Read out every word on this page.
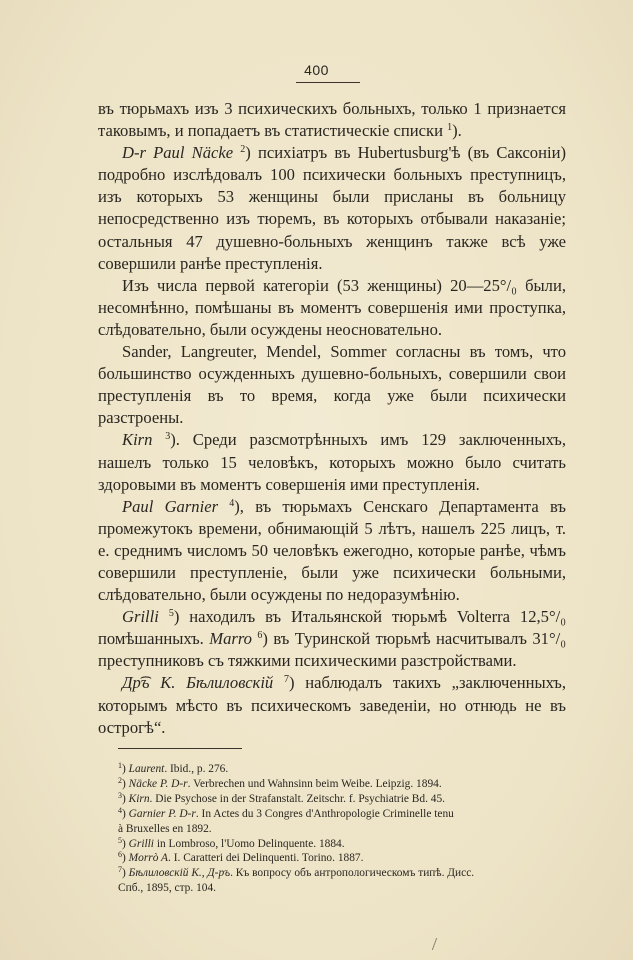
400

въ тюрьмахъ изъ 3 психическихъ больныхъ, только 1 признается таковымъ, и попадаетъ въ статистическіе списки $^1$).

D-r Paul Näcke $^2$) психіатръ въ Hubertusburg'ѣ (въ Саксоніи) подробно изслѣдовалъ 100 психически больныхъ преступницъ, изъ которыхъ 53 женщины были присланы въ больницу непосредственно изъ тюремъ, въ которыхъ отбывали наказаніе; остальныя 47 душевно-больныхъ женщинъ также всѣ уже совершили ранѣе преступленія.

Изъ числа первой категоріи (53 женщины) 20—25°/₀ были, несомнѣнно, помѣшаны въ моментъ совершенія ими проступка, слѣдовательно, были осуждены неосновательно.

Sander, Langreuter, Mendel, Sommer согласны въ томъ, что большинство осужденныхъ душевно-больныхъ, совершили свои преступленія въ то время, когда уже были психически разстроены.

Kirn $^3$). Среди разсмотрѣнныхъ имъ 129 заключенныхъ, нашелъ только 15 человѣкъ, которыхъ можно было считать здоровыми въ моментъ совершенія ими преступленія.

Paul Garnier $^4$), въ тюрьмахъ Сенскаго Департамента въ промежутокъ времени, обнимающій 5 лѣтъ, нашелъ 225 лицъ, т. е. среднимъ числомъ 50 человѣкъ ежегодно, которые ранѣе, чѣмъ совершили преступленіе, были уже психически больными, слѣдовательно, были осуждены по недоразумѣнію.

Grilli $^5$) находилъ въ Итальянской тюрьмѣ Volterra 12,5°/₀ помѣшанныхъ. Marro $^6$) въ Туринской тюрьмѣ насчитывалъ 31°/₀ преступниковъ съ тяжкими психическими разстройствами.

Др͡ъ К. Бѣлиловскій $^7$) наблюдалъ такихъ „заключенныхъ, которымъ мѣсто въ психическомъ заведеніи, но отнюдь не въ острогѣ“.

$^1$) Laurent. Ibid., p. 276.
$^2$) Näcke P. D-r. Verbrechen und Wahnsinn beim Weibe. Leipzig. 1894.
$^3$) Kirn. Die Psychose in der Strafanstalt. Zeitschr. f. Psychiatrie Bd. 45.
$^4$) Garnier P. D-r. In Actes du 3 Congres d'Anthropologie Criminelle tenu
à Bruxelles en 1892.
$^5$) Grilli in Lombroso, l'Uomo Delinquente. 1884.
$^6$) Morrò A. I. Caratteri dei Delinquenti. Torino. 1887.
$^7$) Бѣлиловскій К., Д-ръ. Къ вопросу объ антропологическомъ типѣ. Дисс.
Спб., 1895, стр. 104.
